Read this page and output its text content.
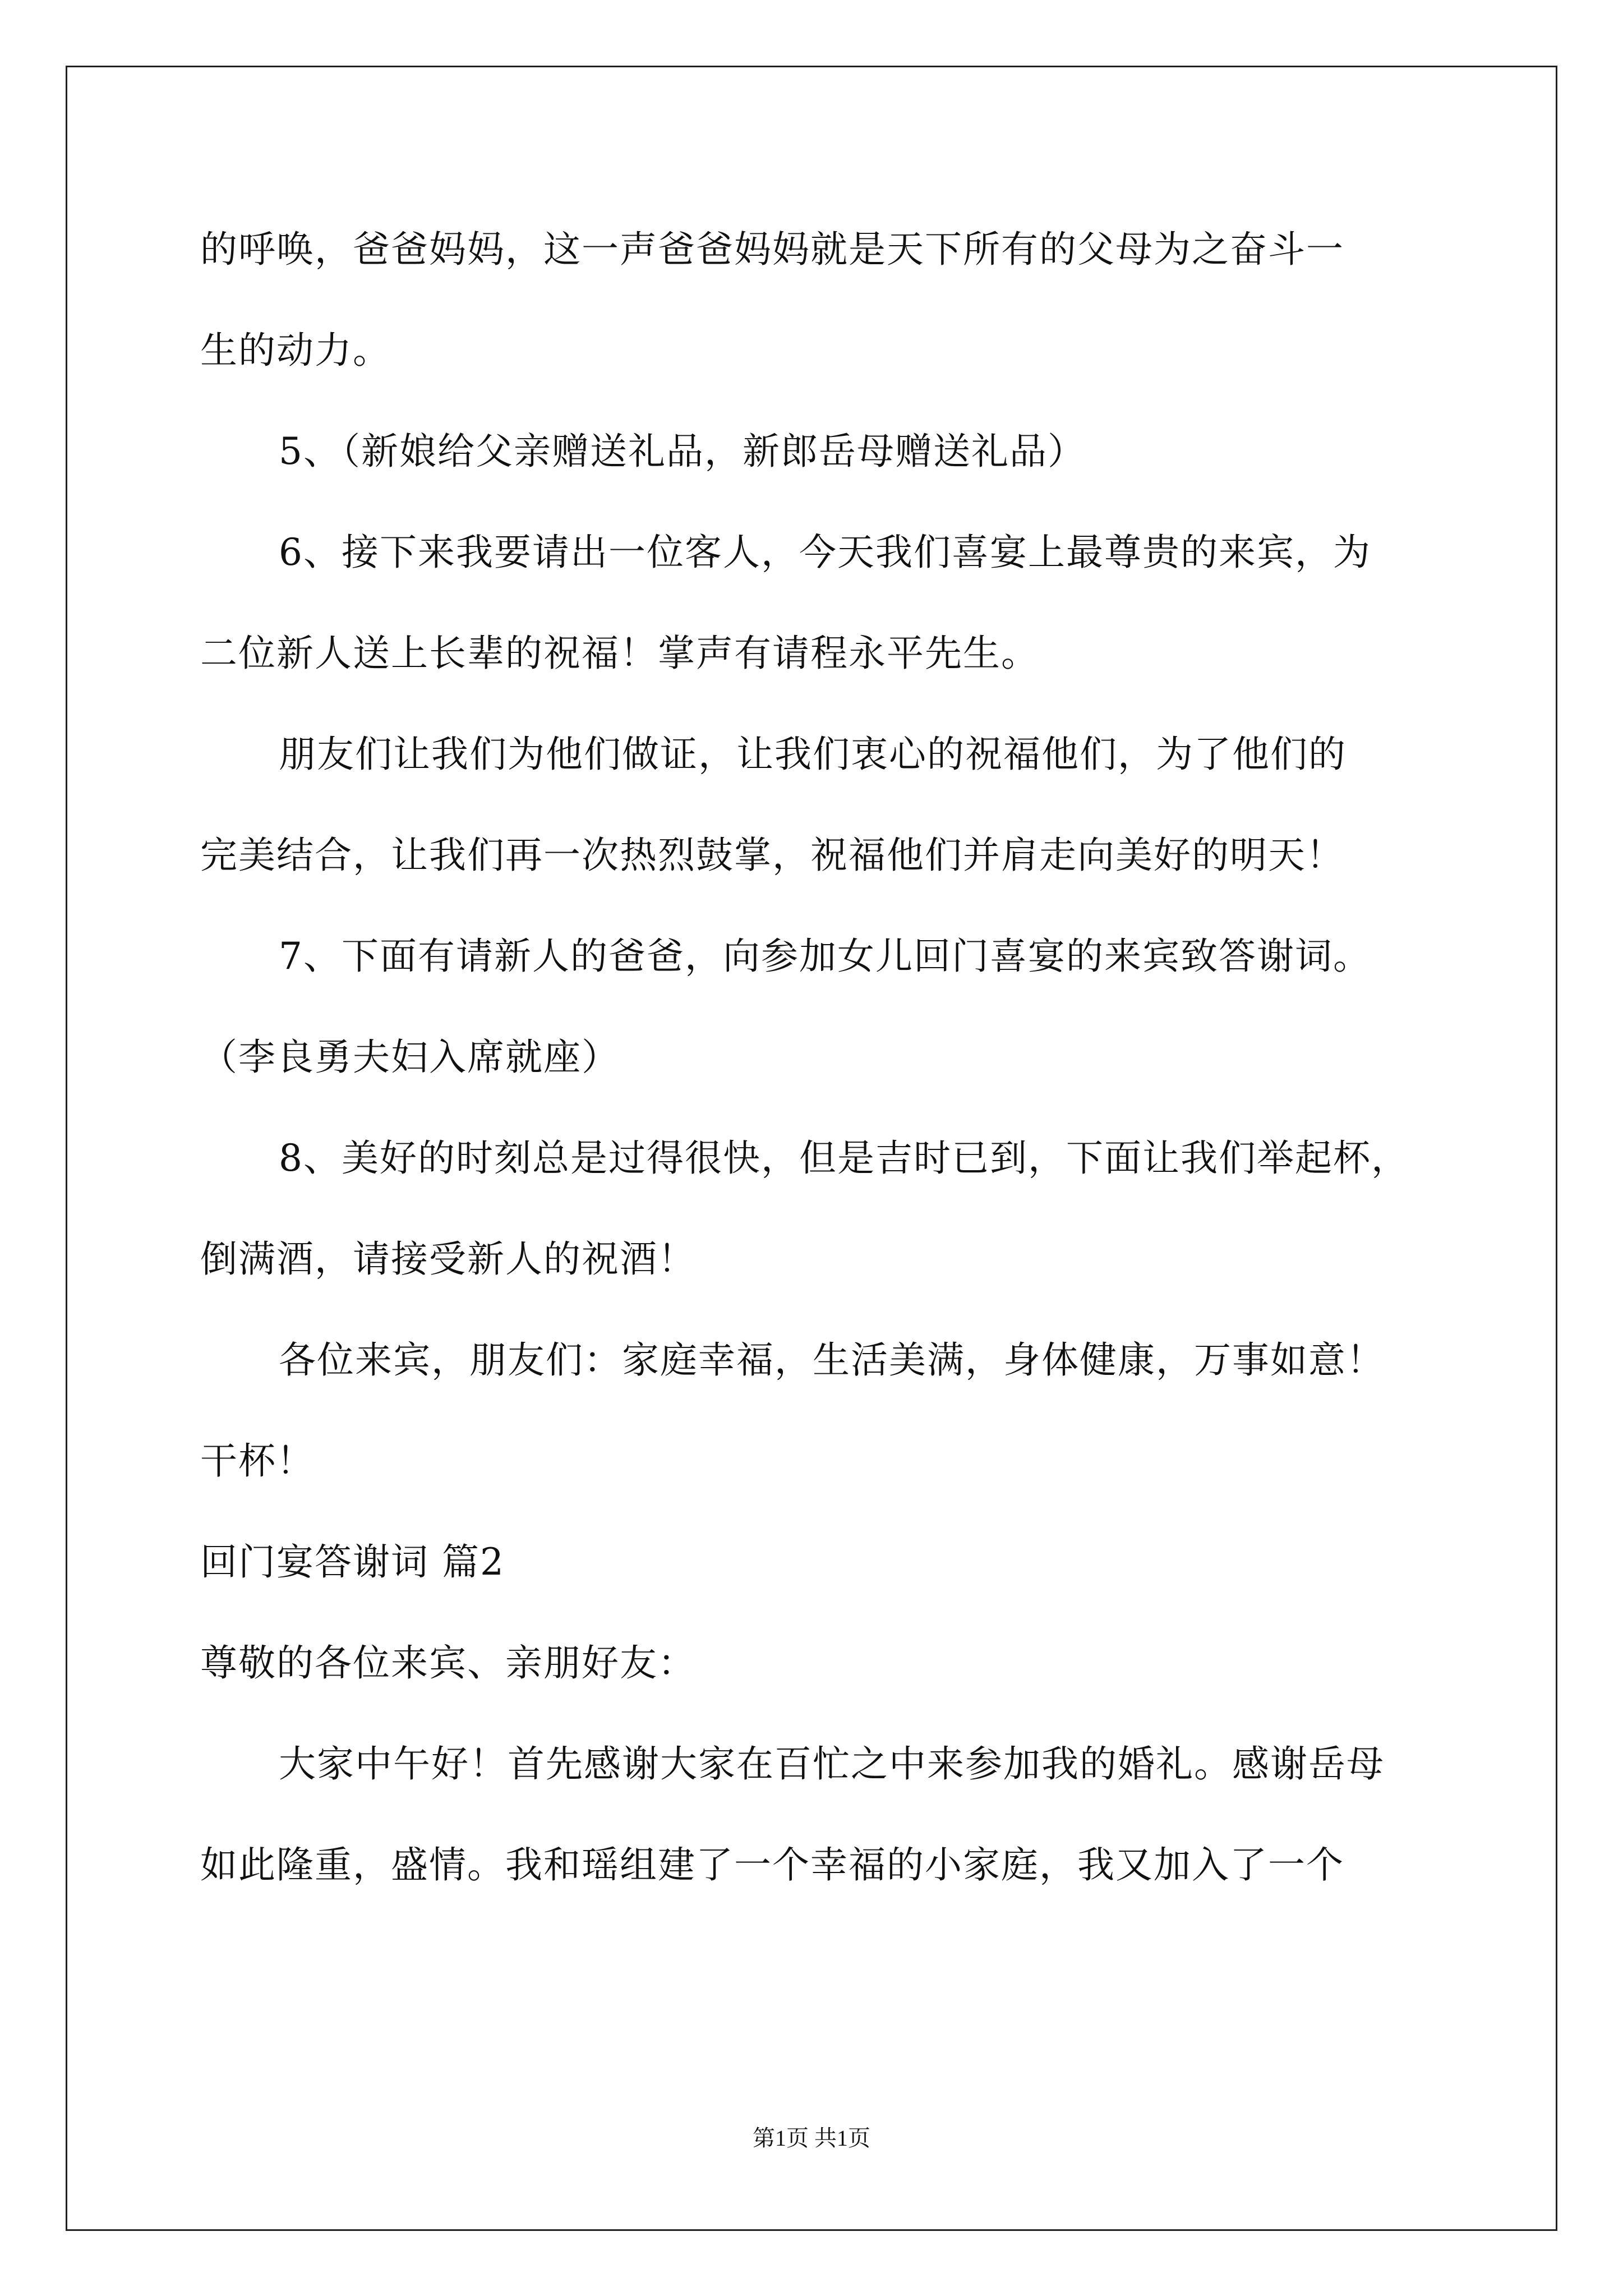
的呼唤，爸爸妈妈，这一声爸爸妈妈就是天下所有的父母为之奋斗一
生的动力。
5、（新娘给父亲赠送礼品，新郎岳母赠送礼品）
6、接下来我要请出一位客人，今天我们喜宴上最尊贵的来宾，为
二位新人送上长辈的祝福！掌声有请程永平先生。
朋友们让我们为他们做证，让我们衷心的祝福他们，为了他们的
完美结合，让我们再一次热烈鼓掌，祝福他们并肩走向美好的明天！
7、下面有请新人的爸爸，向参加女儿回门喜宴的来宾致答谢词。
（李良勇夫妇入席就座）
8、美好的时刻总是过得很快，但是吉时已到，下面让我们举起杯，
倒满酒，请接受新人的祝酒！
各位来宾，朋友们：家庭幸福，生活美满，身体健康，万事如意！
干杯！
回门宴答谢词 篇2
尊敬的各位来宾、亲朋好友：
大家中午好！首先感谢大家在百忙之中来参加我的婚礼。感谢岳母
如此隆重，盛情。我和瑶组建了一个幸福的小家庭，我又加入了一个
第1页 共1页
